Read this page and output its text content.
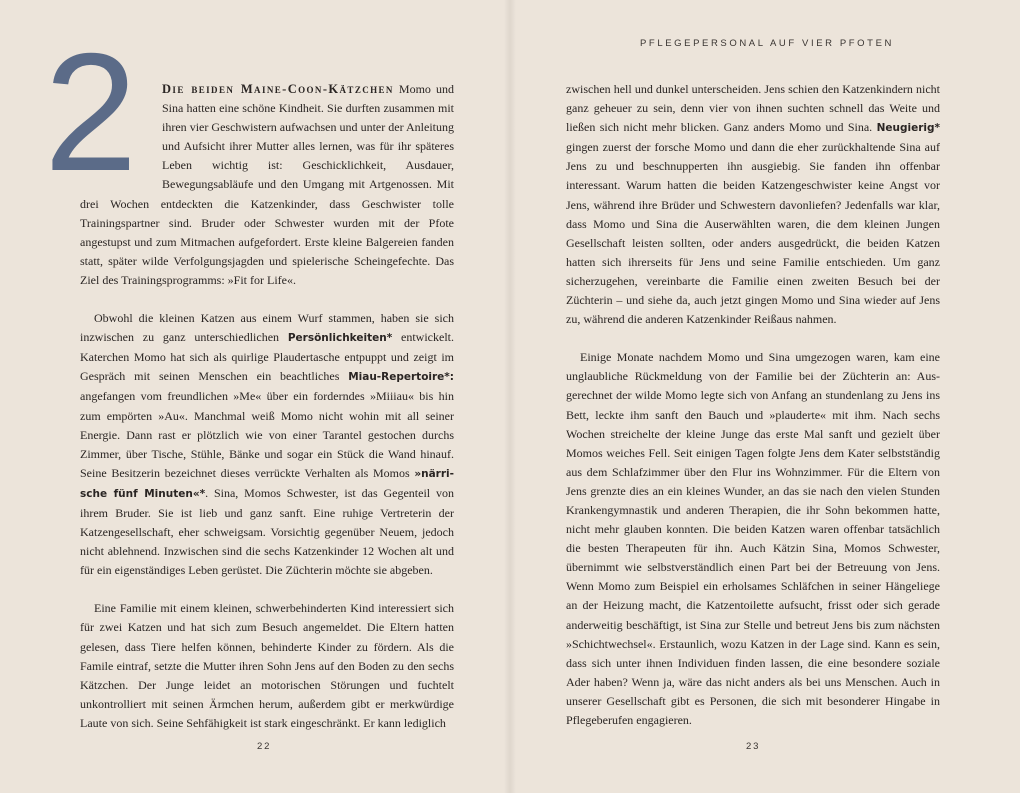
2	Die beiden Maine-Coon-Kätzchen Momo und Sina hatten eine schöne Kindheit. Sie durften zusammen mit ihren vier Geschwistern aufwachsen und unter der Anleitung und Aufsicht ihrer Mutter alles lernen, was für ihr späteres Leben wichtig ist: Geschicklichkeit, Ausdauer, Bewegungsabläufe und den Umgang mit Artgenossen. Mit drei Wochen entdeckten die Katzenkinder, dass Geschwister tolle Trainingspartner sind. Bruder oder Schwester wurden mit der Pfote angestupst und zum Mitmachen aufgefordert. Erste kleine Balgereien fanden statt, später wilde Verfolgungsjagden und spielerische Scheingefechte. Das Ziel des Trainingsprogramms: »Fit for Life«.

Obwohl die kleinen Katzen aus einem Wurf stammen, haben sie sich inzwischen zu ganz unterschiedlichen Persönlichkeiten* entwickelt. Katerchen Momo hat sich als quirlige Plaudertasche entpuppt und zeigt im Gespräch mit seinen Menschen ein beachtliches Miau-Repertoire*: angefangen vom freundlichen »Me« über ein forderndes »Miiiau« bis hin zum empörten »Au«. Manchmal weiß Momo nicht wohin mit all seiner Energie. Dann rast er plötzlich wie von einer Tarantel gestochen durchs Zimmer, über Tische, Stühle, Bänke und sogar ein Stück die Wand hinauf. Seine Besitzerin bezeichnet dieses verrückte Verhalten als Momos »närrische fünf Minuten«*. Sina, Momos Schwester, ist das Gegenteil von ihrem Bruder. Sie ist lieb und ganz sanft. Eine ruhige Vertreterin der Katzengesellschaft, eher schweigsam. Vorsichtig gegenüber Neuem, jedoch nicht ablehnend. Inzwischen sind die sechs Katzenkinder 12 Wochen alt und für ein eigenständiges Leben gerüstet. Die Züchterin möchte sie abgeben.

Eine Familie mit einem kleinen, schwerbehinderten Kind interessiert sich für zwei Katzen und hat sich zum Besuch angemeldet. Die Eltern hatten gelesen, dass Tiere helfen können, behinderte Kinder zu fördern. Als die Famile eintraf, setzte die Mutter ihren Sohn Jens auf den Boden zu den sechs Kätzchen. Der Junge leidet an motorischen Störungen und fuchtelt unkontrolliert mit seinen Ärmchen herum, außerdem gibt er merkwürdige Laute von sich. Seine Sehfähigkeit ist stark eingeschränkt. Er kann lediglich

22
PFLEGEPERSONAL AUF VIER PFOTEN

zwischen hell und dunkel unterscheiden. Jens schien den Katzenkindern nicht ganz geheuer zu sein, denn vier von ihnen suchten schnell das Weite und ließen sich nicht mehr blicken. Ganz anders Momo und Sina. Neugierig* gingen zuerst der forsche Momo und dann die eher zurückhaltende Sina auf Jens zu und beschnupperten ihn ausgiebig. Sie fanden ihn offenbar interessant. Warum hatten die beiden Katzengeschwister keine Angst vor Jens, während ihre Brüder und Schwestern davonliefen? Jedenfalls war klar, dass Momo und Sina die Auserwählten waren, die dem kleinen Jungen Gesellschaft leisten sollten, oder anders ausgedrückt, die beiden Katzen hatten sich ihrerseits für Jens und seine Familie entschieden. Um ganz sicherzugehen, vereinbarte die Familie einen zweiten Besuch bei der Züchterin – und siehe da, auch jetzt gingen Momo und Sina wieder auf Jens zu, während die anderen Katzenkinder Reißaus nahmen.

Einige Monate nachdem Momo und Sina umgezogen waren, kam eine unglaubliche Rückmeldung von der Familie bei der Züchterin an: Ausgerechnet der wilde Momo legte sich von Anfang an stundenlang zu Jens ins Bett, leckte ihm sanft den Bauch und »plauderte« mit ihm. Nach sechs Wochen streichelte der kleine Junge das erste Mal sanft und gezielt über Momos weiches Fell. Seit einigen Tagen folgte Jens dem Kater selbstständig aus dem Schlafzimmer über den Flur ins Wohnzimmer. Für die Eltern von Jens grenzte dies an ein kleines Wunder, an das sie nach den vielen Stunden Krankengymnastik und anderen Therapien, die ihr Sohn bekommen hatte, nicht mehr glauben konnten. Die beiden Katzen waren offenbar tatsächlich die besten Therapeuten für ihn. Auch Kätzin Sina, Momos Schwester, übernimmt wie selbstverständlich einen Part bei der Betreuung von Jens. Wenn Momo zum Beispiel ein erholsames Schläfchen in seiner Hängeliege an der Heizung macht, die Katzentoilette aufsucht, frisst oder sich gerade anderweitig beschäftigt, ist Sina zur Stelle und betreut Jens bis zum nächsten »Schichtwechsel«. Erstaunlich, wozu Katzen in der Lage sind. Kann es sein, dass sich unter ihnen Individuen finden lassen, die eine besondere soziale Ader haben? Wenn ja, wäre das nicht anders als bei uns Menschen. Auch in unserer Gesellschaft gibt es Personen, die sich mit besonderer Hingabe in Pflegeberufen engagieren.

23
